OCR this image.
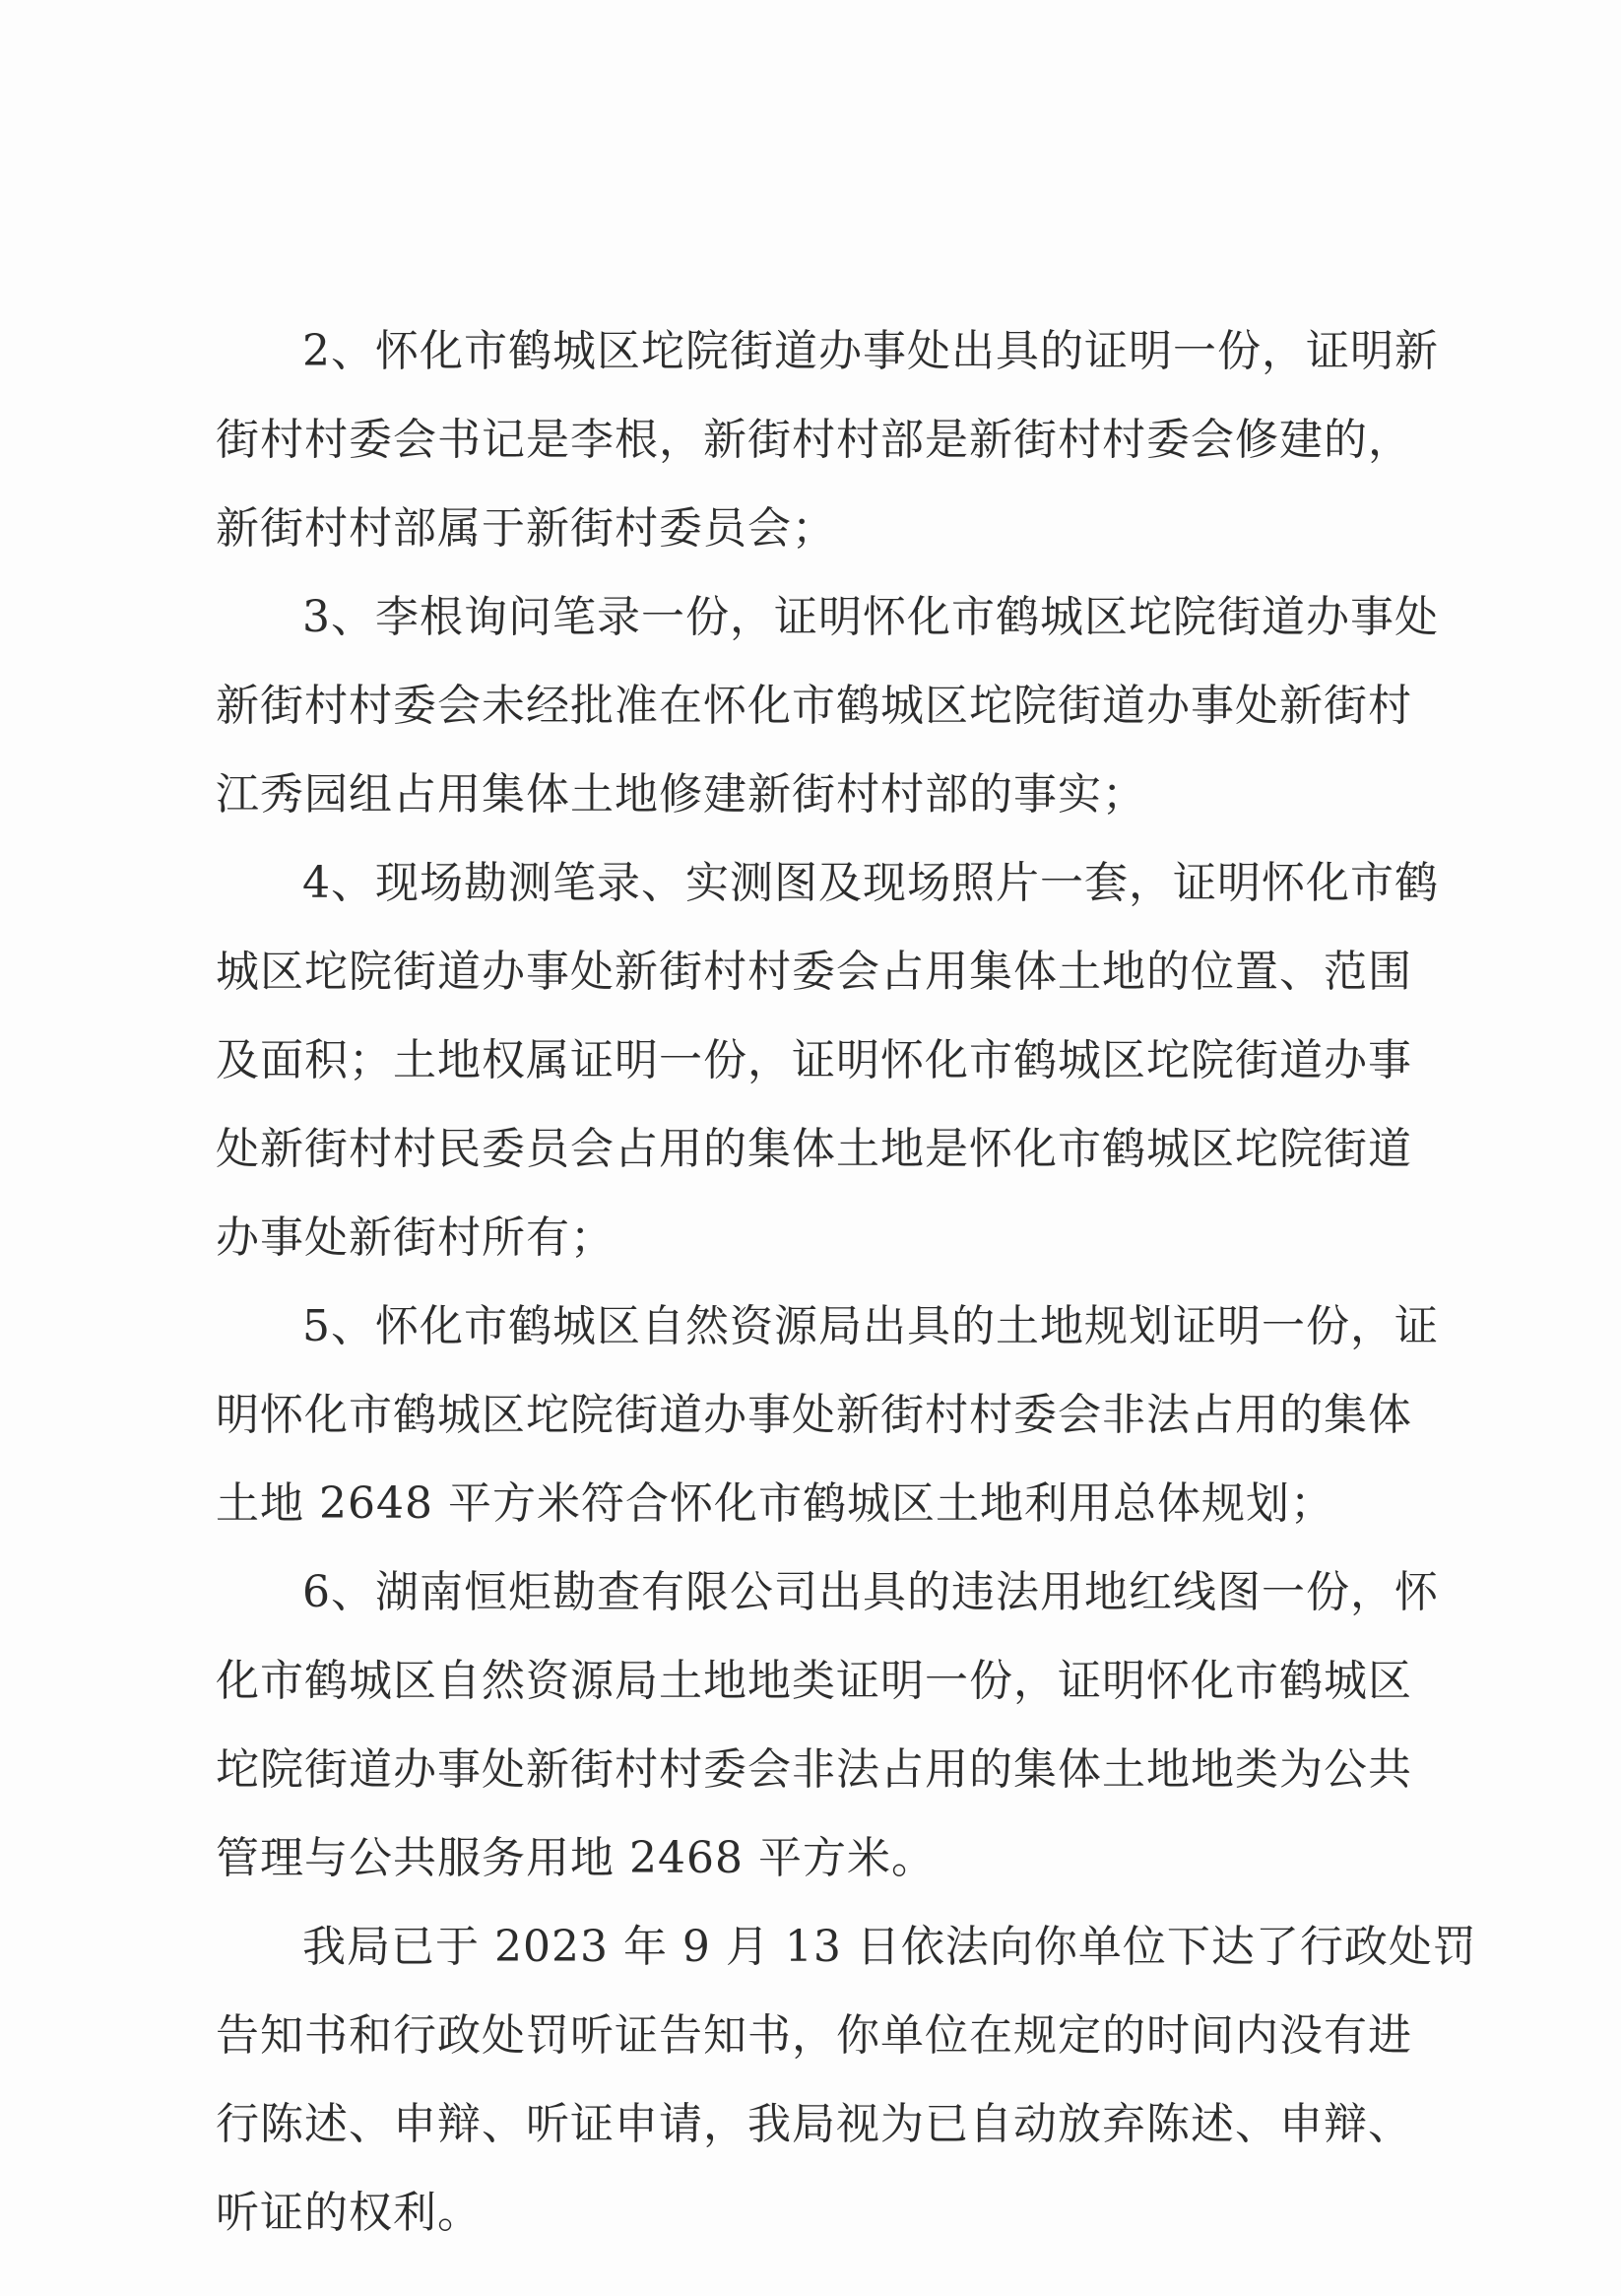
2、怀化市鹤城区坨院街道办事处出具的证明一份，证明新
街村村委会书记是李根，新街村村部是新街村村委会修建的，
新街村村部属于新街村委员会；
3、李根询问笔录一份，证明怀化市鹤城区坨院街道办事处
新街村村委会未经批准在怀化市鹤城区坨院街道办事处新街村
江秀园组占用集体土地修建新街村村部的事实；
4、现场勘测笔录、实测图及现场照片一套，证明怀化市鹤
城区坨院街道办事处新街村村委会占用集体土地的位置、范围
及面积；土地权属证明一份，证明怀化市鹤城区坨院街道办事
处新街村村民委员会占用的集体土地是怀化市鹤城区坨院街道
办事处新街村所有；
5、怀化市鹤城区自然资源局出具的土地规划证明一份，证
明怀化市鹤城区坨院街道办事处新街村村委会非法占用的集体
土地 2648 平方米符合怀化市鹤城区土地利用总体规划；
6、湖南恒炬勘查有限公司出具的违法用地红线图一份，怀
化市鹤城区自然资源局土地地类证明一份，证明怀化市鹤城区
坨院街道办事处新街村村委会非法占用的集体土地地类为公共
管理与公共服务用地 2468 平方米。
我局已于 2023 年 9 月 13 日依法向你单位下达了行政处罚
告知书和行政处罚听证告知书，你单位在规定的时间内没有进
行陈述、申辩、听证申请，我局视为已自动放弃陈述、申辩、
听证的权利。
